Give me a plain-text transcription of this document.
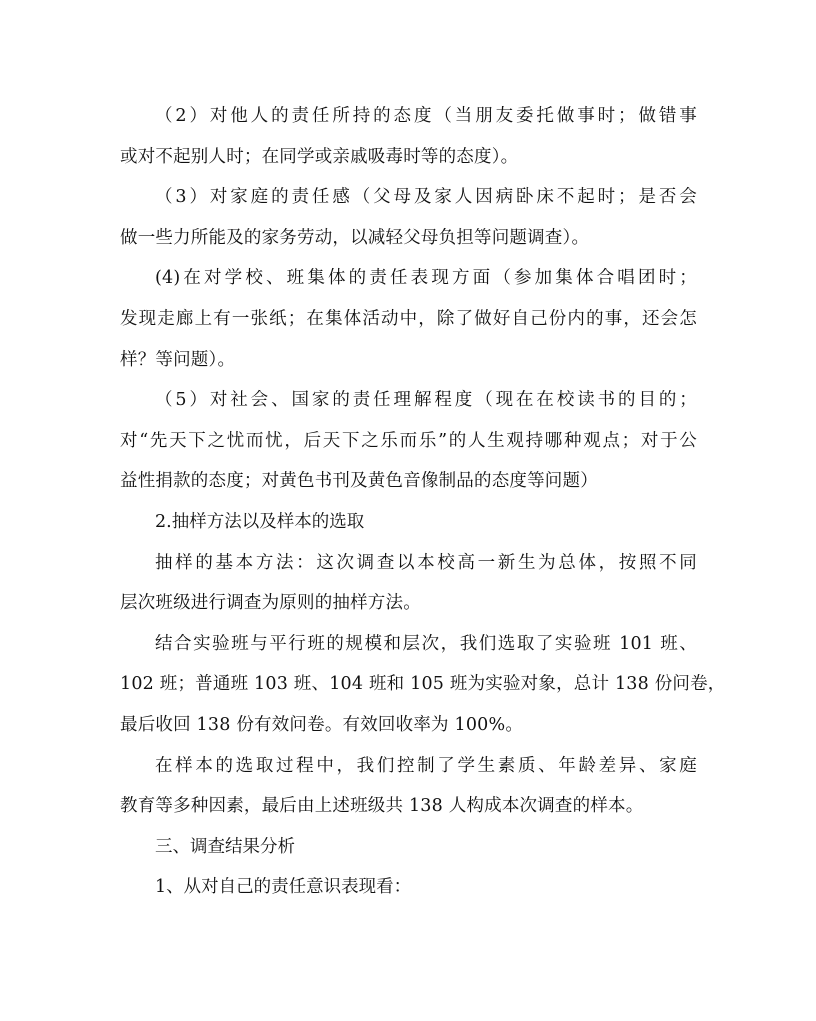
（2）对他人的责任所持的态度（当朋友委托做事时；做错事
或对不起别人时；在同学或亲戚吸毒时等的态度）。

（3）对家庭的责任感（父母及家人因病卧床不起时；是否会
做一些力所能及的家务劳动，以减轻父母负担等问题调查）。

(4)在对学校、班集体的责任表现方面（参加集体合唱团时；
发现走廊上有一张纸；在集体活动中，除了做好自己份内的事，还会怎
样？等问题）。

（5）对社会、国家的责任理解程度（现在在校读书的目的；
对“先天下之忧而忧，后天下之乐而乐”的人生观持哪种观点；对于公
益性捐款的态度；对黄色书刊及黄色音像制品的态度等问题）

2.抽样方法以及样本的选取

抽样的基本方法：这次调查以本校高一新生为总体，按照不同
层次班级进行调查为原则的抽样方法。

结合实验班与平行班的规模和层次，我们选取了实验班 101 班、
102 班；普通班 103 班、104 班和 105 班为实验对象，总计 138 份问卷，
最后收回 138 份有效问卷。有效回收率为 100%。

在样本的选取过程中，我们控制了学生素质、年龄差异、家庭
教育等多种因素，最后由上述班级共 138 人构成本次调查的样本。

三、调查结果分析

1、从对自己的责任意识表现看：
